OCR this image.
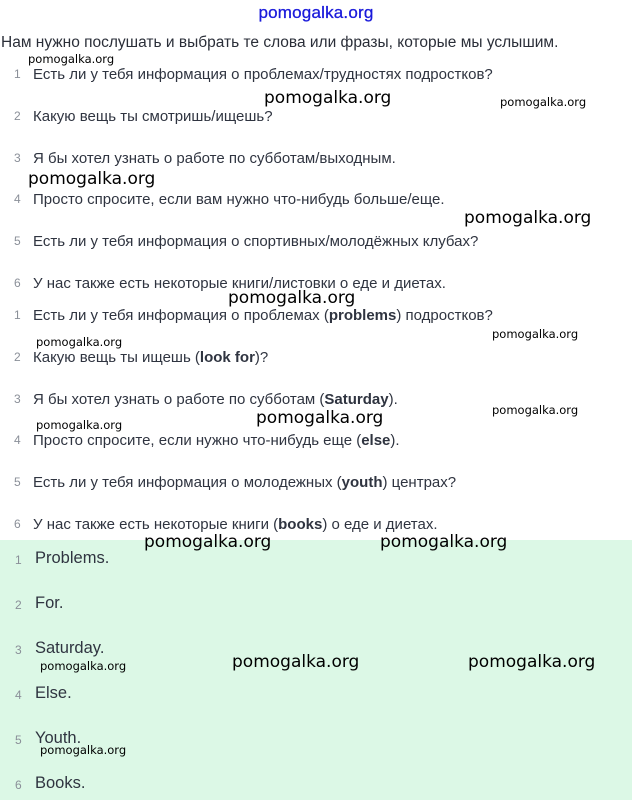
pomogalka.org
Нам нужно послушать и выбрать те слова или фразы, которые мы услышим.
1 Есть ли у тебя информация о проблемах/трудностях подростков?
2 Какую вещь ты смотришь/ищешь?
3 Я бы хотел узнать о работе по субботам/выходным.
4 Просто спросите, если вам нужно что-нибудь больше/еще.
5 Есть ли у тебя информация о спортивных/молодёжных клубах?
6 У нас также есть некоторые книги/листовки о еде и диетах.
1 Есть ли у тебя информация о проблемах (problems) подростков?
2 Какую вещь ты ищешь (look for)?
3 Я бы хотел узнать о работе по субботам (Saturday).
4 Просто спросите, если нужно что-нибудь еще (else).
5 Есть ли у тебя информация о молодежных (youth) центрах?
6 У нас также есть некоторые книги (books) о еде и диетах.
1 Problems.
2 For.
3 Saturday.
4 Else.
5 Youth.
6 Books.
pomogalka.org
pomogalka.org	pomogalka.org
pomogalka.org
pomogalka.org
pomogalka.org
pomogalka.org
pomogalka.org
pomogalka.org	pomogalka.org	pomogalka.org
pomogalka.org	pomogalka.org
pomogalka.org	pomogalka.org	pomogalka.org
pomogalka.org
